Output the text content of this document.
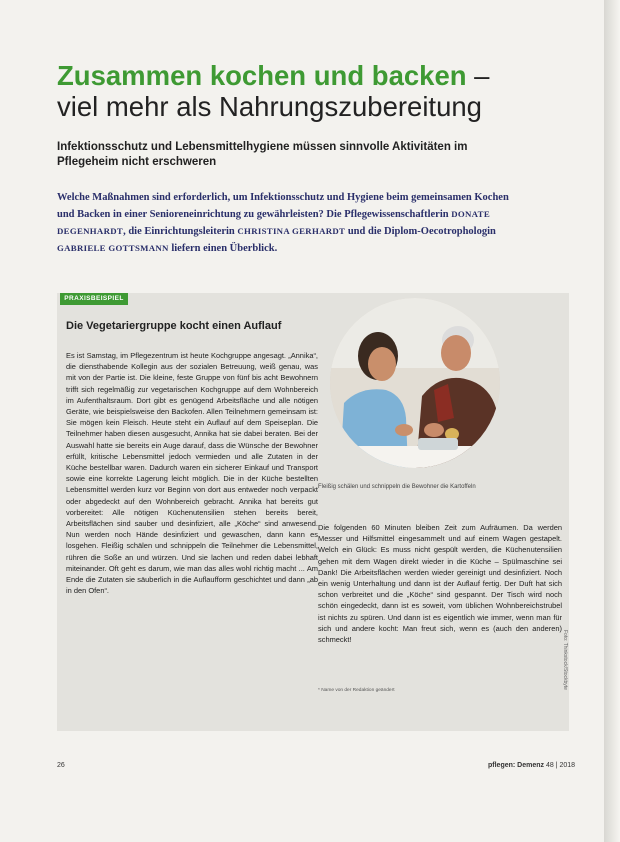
Zusammen kochen und backen –
viel mehr als Nahrungszubereitung
Infektionsschutz und Lebensmittelhygiene müssen sinnvolle Aktivitäten im Pflegeheim nicht erschweren
Welche Maßnahmen sind erforderlich, um Infektionsschutz und Hygiene beim gemeinsamen Kochen und Backen in einer Senioreneinrichtung zu gewährleisten? Die Pflegewissenschaftlerin DONATE DEGENHARDT, die Einrichtungsleiterin CHRISTINA GERHARDT und die Diplom-Oecotrophologin GABRIELE GOTTSMANN liefern einen Überblick.
PRAXISBEISPIEL
Die Vegetariergruppe kocht einen Auflauf

Es ist Samstag, im Pflegezentrum ist heute Kochgruppe angesagt. „Annika“, die diensthabende Kollegin aus der sozialen Betreuung, weiß genau, was mit von der Partie ist. Die kleine, feste Gruppe von fünf bis acht Bewohnern trifft sich regelmäßig zur vegetarischen Kochgruppe auf dem Wohnbereich im Aufenthaltsraum. Dort gibt es genügend Arbeitsfläche und alle nötigen Geräte, wie beispielsweise den Backofen. Allen Teilnehmern gemeinsam ist: Sie mögen kein Fleisch. Heute steht ein Auflauf auf dem Speiseplan. Die Teilnehmer haben diesen ausgesucht, Annika hat sie dabei beraten. Bei der Auswahl hatte sie bereits ein Auge darauf, dass die Wünsche der Bewohner erfüllt, kritische Lebensmittel jedoch vermieden und alle Zutaten in der Küche bestellbar waren. Dadurch waren ein sicherer Einkauf und Transport sowie eine korrekte Lagerung leicht möglich. Die in der Küche bestellten Lebensmittel werden kurz vor Beginn von dort aus entweder noch verpackt oder abgedeckt auf den Wohnbereich gebracht. Annika hat bereits gut vorbereitet: Alle nötigen Küchenutensilien stehen bereits bereit, Arbeitsflächen sind sauber und desinfiziert, alle „Köche“ sind anwesend. Nun werden noch Hände desinfiziert und gewaschen, dann kann es losgehen. Fleißig schälen und schnippeln die Teilnehmer die Lebensmittel, rühren die Soße an und würzen. Und sie lachen und reden dabei lebhaft miteinander. Oft geht es darum, wie man das alles wohl richtig macht ... Am Ende die Zutaten sie säuberlich in die Auflaufform geschichtet und dann „ab in den Ofen“.

Fleißig schälen und schnippeln die Bewohner die Kartoffeln

Die folgenden 60 Minuten bleiben Zeit zum Aufräumen. Da werden Messer und Hilfsmittel eingesammelt und auf einem Wagen gestapelt. Welch ein Glück: Es muss nicht gespült werden, die Küchenutensilien gehen mit dem Wagen direkt wieder in die Küche – Spülmaschine sei Dank! Die Arbeitsflächen werden wieder gereinigt und desinfiziert. Noch ein wenig Unterhaltung und dann ist der Auflauf fertig. Der Duft hat sich schon verbreitet und die „Köche“ sind gespannt. Der Tisch wird noch schön eingedeckt, dann ist es soweit, vom üblichen Wohnbereichstrubel ist nichts zu spüren. Und dann ist es eigentlich wie immer, wenn man für sich und andere kocht: Man freut sich, wenn es (auch den anderen) schmeckt!

* Name von der Redaktion geändert
Foto: Thinkstock/Stockbyte
26	pflegen: Demenz 48 | 2018
